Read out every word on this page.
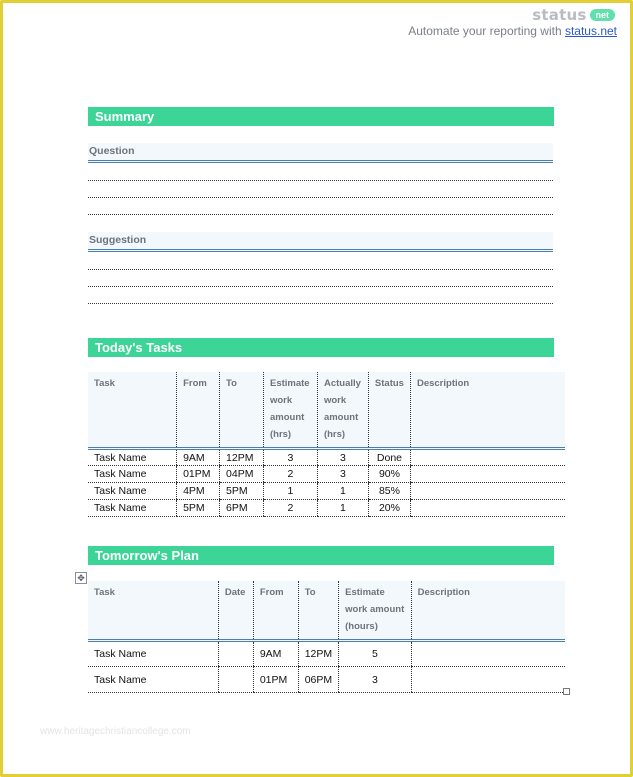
status net
Automate your reporting with status.net
Summary
Question
Suggestion
Today's Tasks
Task	From	To	Estimate work amount (hrs)	Actually work amount (hrs)	Status	Description
Task Name	9AM	12PM	3	3	Done	
Task Name	01PM	04PM	2	3	90%	
Task Name	4PM	5PM	1	1	85%	
Task Name	5PM	6PM	2	1	20%	
Tomorrow's Plan
✥
Task	Date	From	To	Estimate work amount (hours)	Description
Task Name		9AM	12PM	5	
Task Name		01PM	06PM	3	
www.heritagechristiancollege.com
